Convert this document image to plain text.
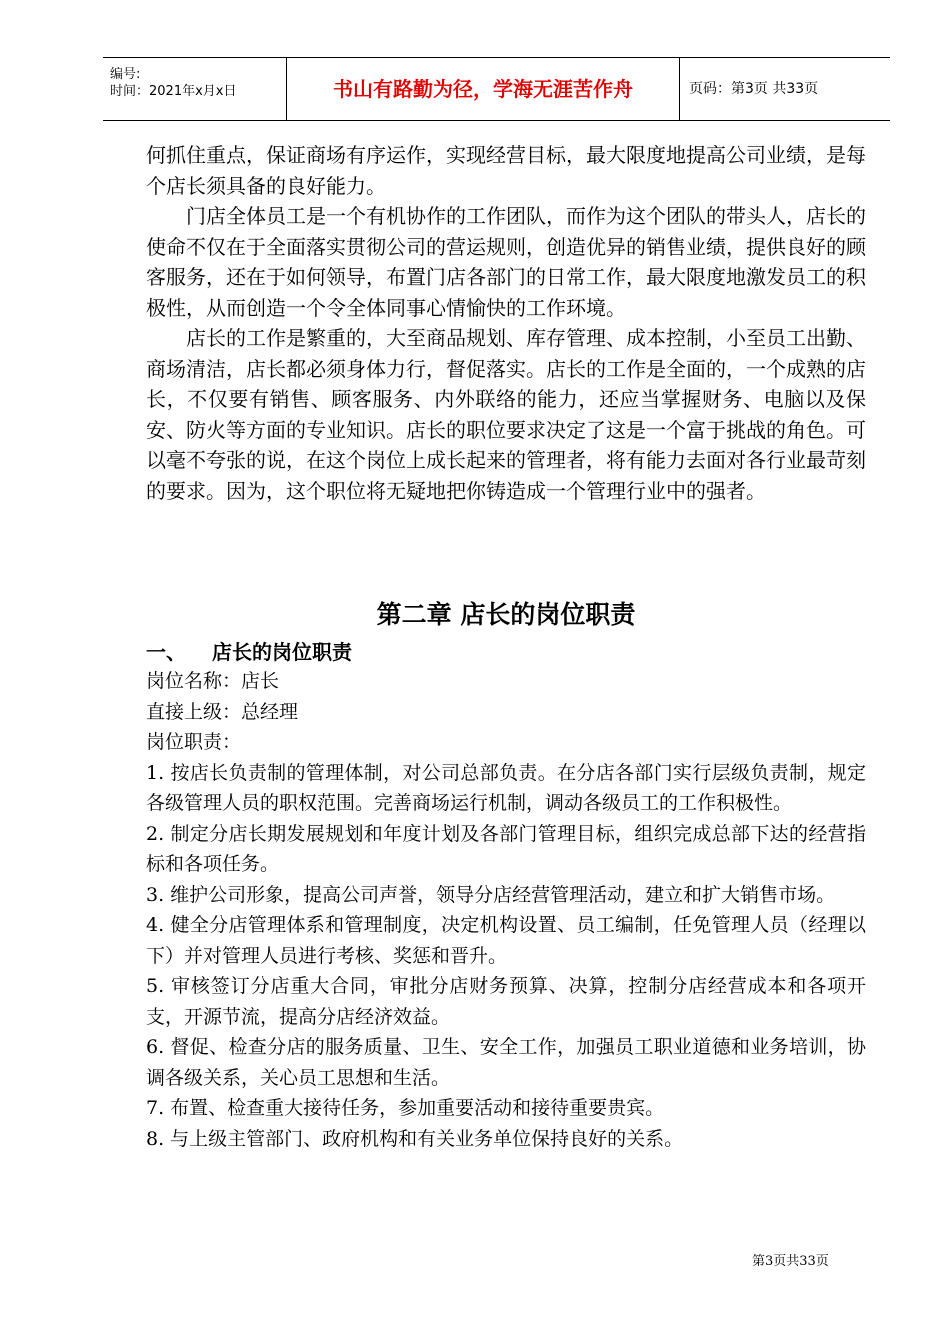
编号:
时间：2021年x月x日	书山有路勤为径，学海无涯苦作舟	页码：第3页 共33页

何抓住重点，保证商场有序运作，实现经营目标，最大限度地提高公司业绩，是每个店长须具备的良好能力。

门店全体员工是一个有机协作的工作团队，而作为这个团队的带头人，店长的使命不仅在于全面落实贯彻公司的营运规则，创造优异的销售业绩，提供良好的顾客服务，还在于如何领导，布置门店各部门的日常工作，最大限度地激发员工的积极性，从而创造一个令全体同事心情愉快的工作环境。

店长的工作是繁重的，大至商品规划、库存管理、成本控制，小至员工出勤、商场清洁，店长都必须身体力行，督促落实。店长的工作是全面的，一个成熟的店长，不仅要有销售、顾客服务、内外联络的能力，还应当掌握财务、电脑以及保安、防火等方面的专业知识。店长的职位要求决定了这是一个富于挑战的角色。可以毫不夸张的说，在这个岗位上成长起来的管理者，将有能力去面对各行业最苛刻的要求。因为，这个职位将无疑地把你铸造成一个管理行业中的强者。

第二章 店长的岗位职责
一、 店长的岗位职责

岗位名称：店长

直接上级：总经理

岗位职责：

1. 按店长负责制的管理体制，对公司总部负责。在分店各部门实行层级负责制，规定各级管理人员的职权范围。完善商场运行机制，调动各级员工的工作积极性。

2. 制定分店长期发展规划和年度计划及各部门管理目标，组织完成总部下达的经营指标和各项任务。

3. 维护公司形象，提高公司声誉，领导分店经营管理活动，建立和扩大销售市场。

4. 健全分店管理体系和管理制度，决定机构设置、员工编制，任免管理人员（经理以下）并对管理人员进行考核、奖惩和晋升。

5. 审核签订分店重大合同，审批分店财务预算、决算，控制分店经营成本和各项开支，开源节流，提高分店经济效益。

6. 督促、检查分店的服务质量、卫生、安全工作，加强员工职业道德和业务培训，协调各级关系，关心员工思想和生活。

7. 布置、检查重大接待任务，参加重要活动和接待重要贵宾。

8. 与上级主管部门、政府机构和有关业务单位保持良好的关系。

第3页共33页
